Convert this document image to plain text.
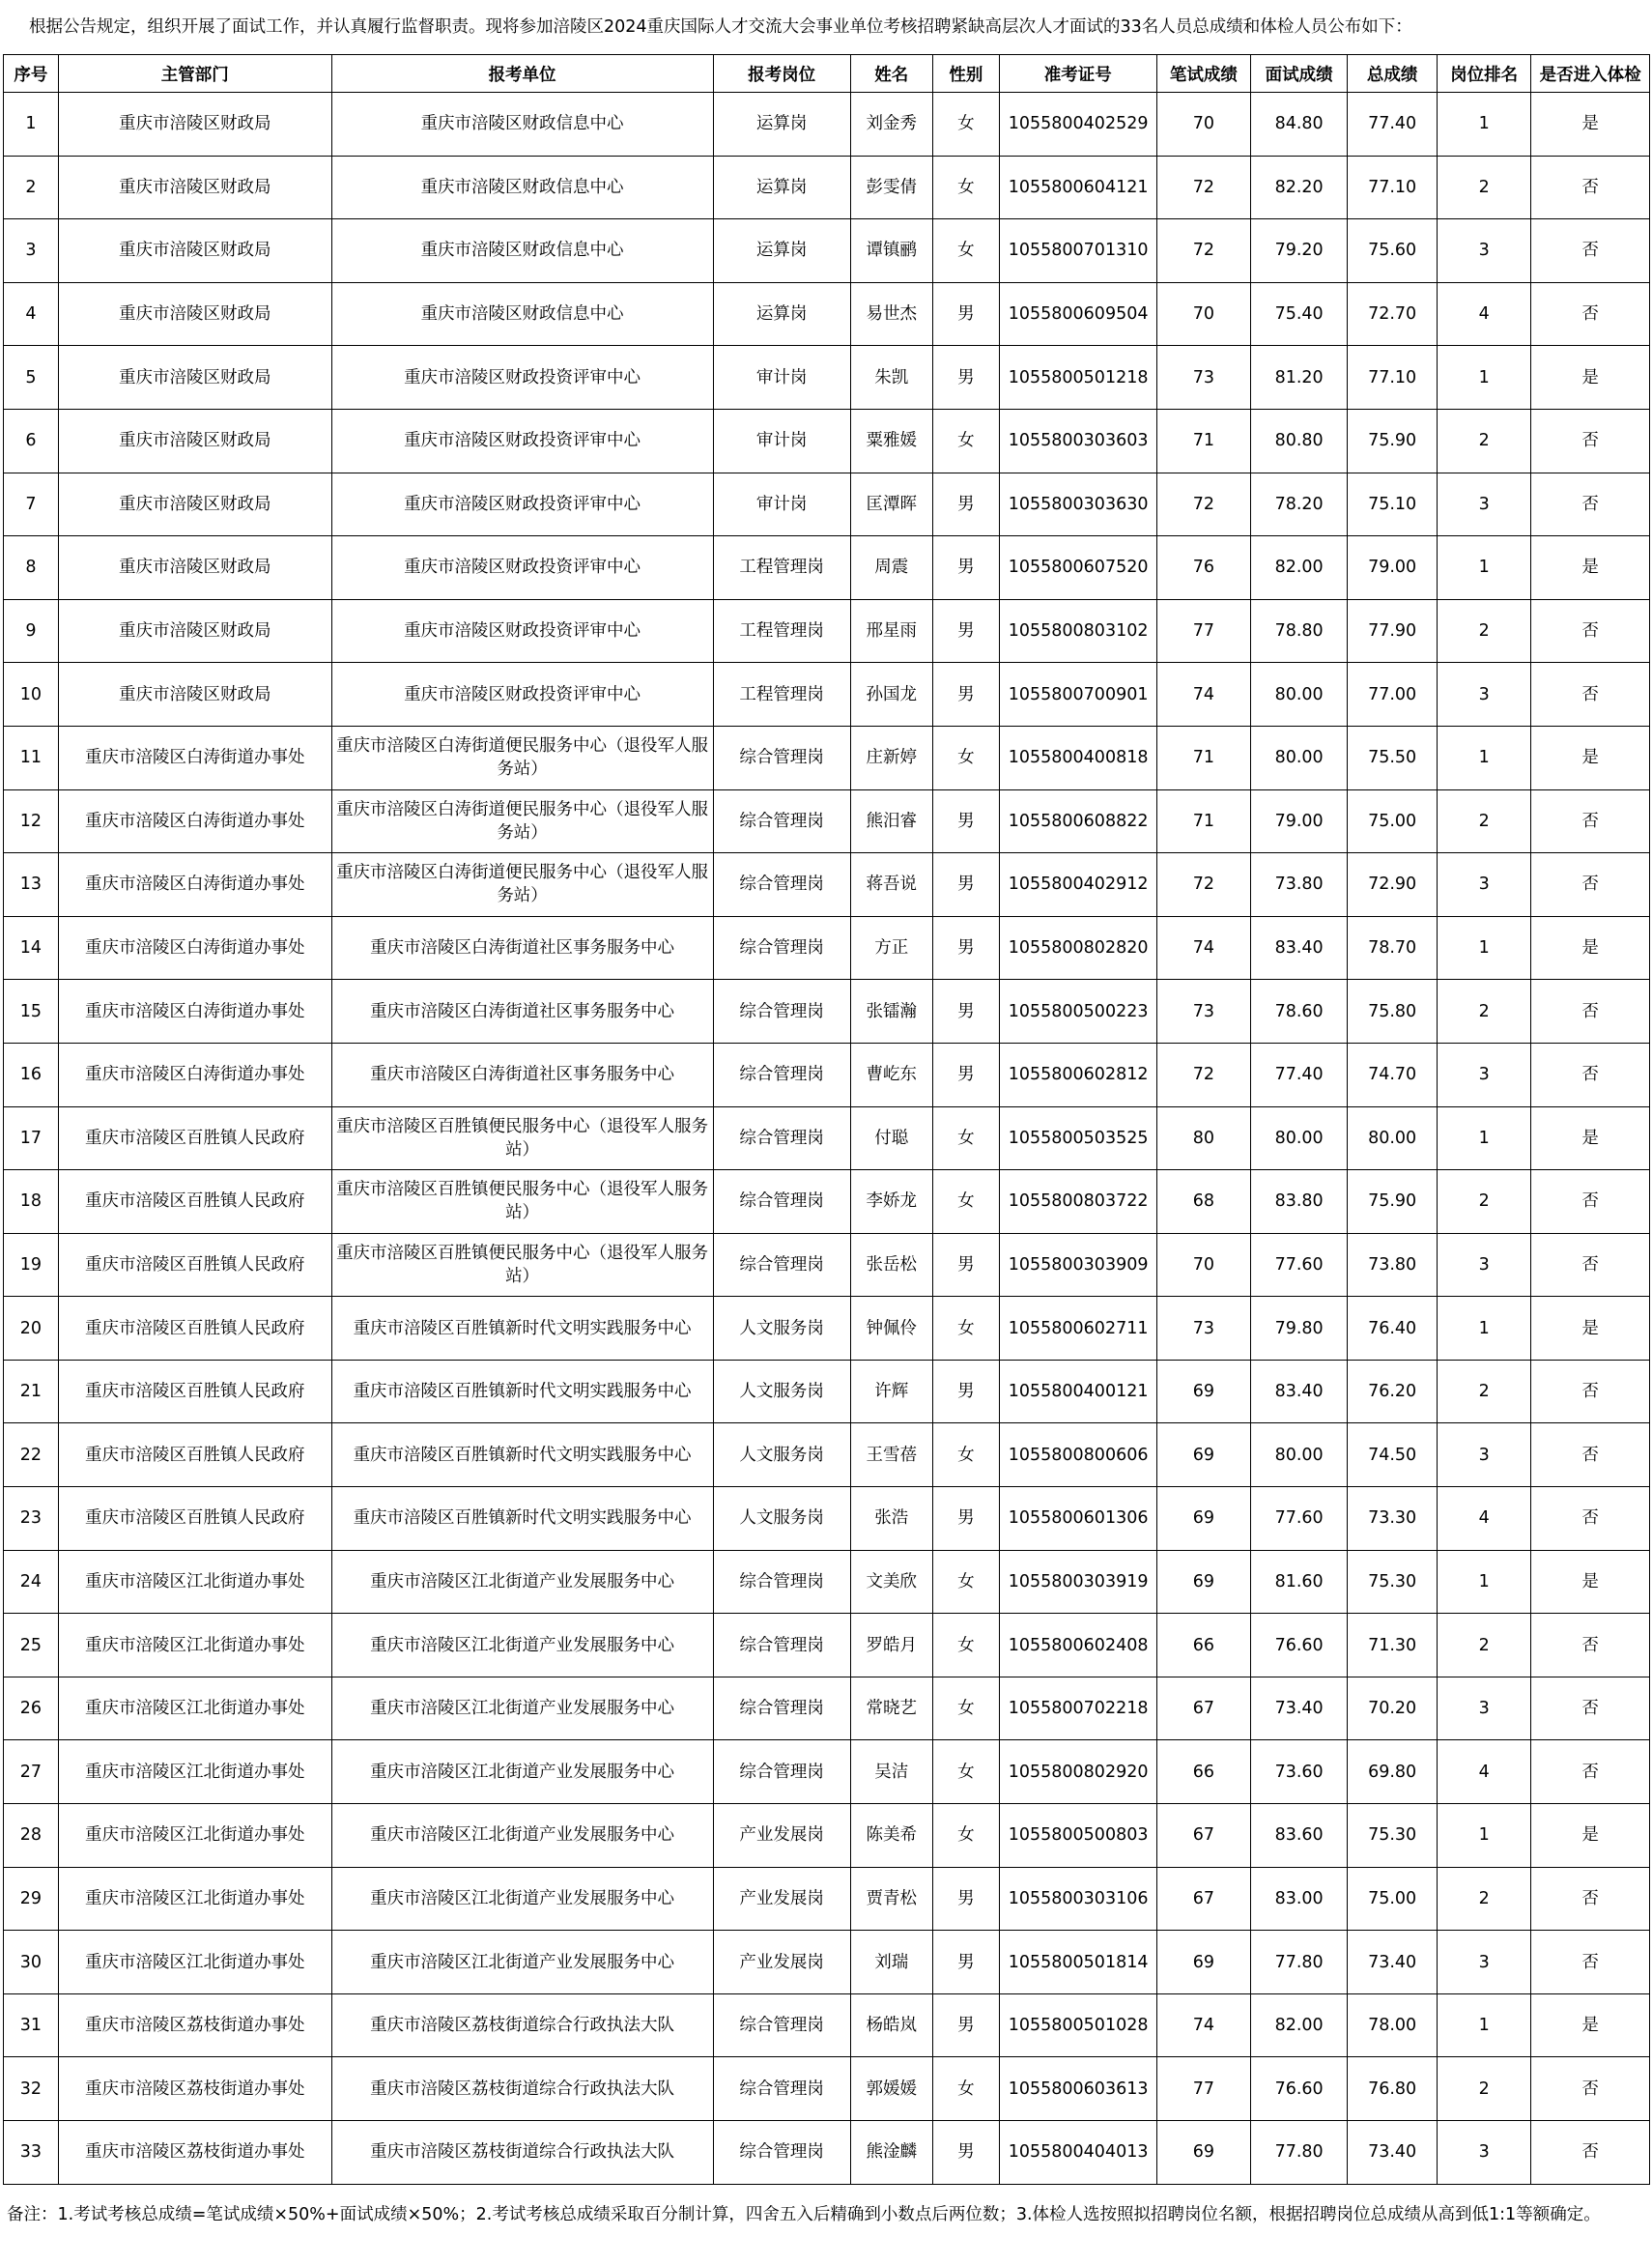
根据公告规定，组织开展了面试工作，并认真履行监督职责。现将参加涪陵区2024重庆国际人才交流大会事业单位考核招聘紧缺高层次人才面试的33名人员总成绩和体检人员公布如下：
序号	主管部门	报考单位	报考岗位	姓名	性别	准考证号	笔试成绩	面试成绩	总成绩	岗位排名	是否进入体检
1	重庆市涪陵区财政局	重庆市涪陵区财政信息中心	运算岗	刘金秀	女	1055800402529	70	84.80	77.40	1	是
2	重庆市涪陵区财政局	重庆市涪陵区财政信息中心	运算岗	彭雯倩	女	1055800604121	72	82.20	77.10	2	否
3	重庆市涪陵区财政局	重庆市涪陵区财政信息中心	运算岗	谭镇鹂	女	1055800701310	72	79.20	75.60	3	否
4	重庆市涪陵区财政局	重庆市涪陵区财政信息中心	运算岗	易世杰	男	1055800609504	70	75.40	72.70	4	否
5	重庆市涪陵区财政局	重庆市涪陵区财政投资评审中心	审计岗	朱凯	男	1055800501218	73	81.20	77.10	1	是
6	重庆市涪陵区财政局	重庆市涪陵区财政投资评审中心	审计岗	粟雅媛	女	1055800303603	71	80.80	75.90	2	否
7	重庆市涪陵区财政局	重庆市涪陵区财政投资评审中心	审计岗	匡潭晖	男	1055800303630	72	78.20	75.10	3	否
8	重庆市涪陵区财政局	重庆市涪陵区财政投资评审中心	工程管理岗	周震	男	1055800607520	76	82.00	79.00	1	是
9	重庆市涪陵区财政局	重庆市涪陵区财政投资评审中心	工程管理岗	邢星雨	男	1055800803102	77	78.80	77.90	2	否
10	重庆市涪陵区财政局	重庆市涪陵区财政投资评审中心	工程管理岗	孙国龙	男	1055800700901	74	80.00	77.00	3	否
11	重庆市涪陵区白涛街道办事处	重庆市涪陵区白涛街道便民服务中心（退役军人服务站）	综合管理岗	庄新婷	女	1055800400818	71	80.00	75.50	1	是
12	重庆市涪陵区白涛街道办事处	重庆市涪陵区白涛街道便民服务中心（退役军人服务站）	综合管理岗	熊汨睿	男	1055800608822	71	79.00	75.00	2	否
13	重庆市涪陵区白涛街道办事处	重庆市涪陵区白涛街道便民服务中心（退役军人服务站）	综合管理岗	蒋吾说	男	1055800402912	72	73.80	72.90	3	否
14	重庆市涪陵区白涛街道办事处	重庆市涪陵区白涛街道社区事务服务中心	综合管理岗	方正	男	1055800802820	74	83.40	78.70	1	是
15	重庆市涪陵区白涛街道办事处	重庆市涪陵区白涛街道社区事务服务中心	综合管理岗	张镭瀚	男	1055800500223	73	78.60	75.80	2	否
16	重庆市涪陵区白涛街道办事处	重庆市涪陵区白涛街道社区事务服务中心	综合管理岗	曹屹东	男	1055800602812	72	77.40	74.70	3	否
17	重庆市涪陵区百胜镇人民政府	重庆市涪陵区百胜镇便民服务中心（退役军人服务站）	综合管理岗	付聪	女	1055800503525	80	80.00	80.00	1	是
18	重庆市涪陵区百胜镇人民政府	重庆市涪陵区百胜镇便民服务中心（退役军人服务站）	综合管理岗	李娇龙	女	1055800803722	68	83.80	75.90	2	否
19	重庆市涪陵区百胜镇人民政府	重庆市涪陵区百胜镇便民服务中心（退役军人服务站）	综合管理岗	张岳松	男	1055800303909	70	77.60	73.80	3	否
20	重庆市涪陵区百胜镇人民政府	重庆市涪陵区百胜镇新时代文明实践服务中心	人文服务岗	钟佩伶	女	1055800602711	73	79.80	76.40	1	是
21	重庆市涪陵区百胜镇人民政府	重庆市涪陵区百胜镇新时代文明实践服务中心	人文服务岗	许辉	男	1055800400121	69	83.40	76.20	2	否
22	重庆市涪陵区百胜镇人民政府	重庆市涪陵区百胜镇新时代文明实践服务中心	人文服务岗	王雪蓓	女	1055800800606	69	80.00	74.50	3	否
23	重庆市涪陵区百胜镇人民政府	重庆市涪陵区百胜镇新时代文明实践服务中心	人文服务岗	张浩	男	1055800601306	69	77.60	73.30	4	否
24	重庆市涪陵区江北街道办事处	重庆市涪陵区江北街道产业发展服务中心	综合管理岗	文美欣	女	1055800303919	69	81.60	75.30	1	是
25	重庆市涪陵区江北街道办事处	重庆市涪陵区江北街道产业发展服务中心	综合管理岗	罗皓月	女	1055800602408	66	76.60	71.30	2	否
26	重庆市涪陵区江北街道办事处	重庆市涪陵区江北街道产业发展服务中心	综合管理岗	常晓艺	女	1055800702218	67	73.40	70.20	3	否
27	重庆市涪陵区江北街道办事处	重庆市涪陵区江北街道产业发展服务中心	综合管理岗	吴洁	女	1055800802920	66	73.60	69.80	4	否
28	重庆市涪陵区江北街道办事处	重庆市涪陵区江北街道产业发展服务中心	产业发展岗	陈美希	女	1055800500803	67	83.60	75.30	1	是
29	重庆市涪陵区江北街道办事处	重庆市涪陵区江北街道产业发展服务中心	产业发展岗	贾青松	男	1055800303106	67	83.00	75.00	2	否
30	重庆市涪陵区江北街道办事处	重庆市涪陵区江北街道产业发展服务中心	产业发展岗	刘瑞	男	1055800501814	69	77.80	73.40	3	否
31	重庆市涪陵区荔枝街道办事处	重庆市涪陵区荔枝街道综合行政执法大队	综合管理岗	杨皓岚	男	1055800501028	74	82.00	78.00	1	是
32	重庆市涪陵区荔枝街道办事处	重庆市涪陵区荔枝街道综合行政执法大队	综合管理岗	郭媛媛	女	1055800603613	77	76.60	76.80	2	否
33	重庆市涪陵区荔枝街道办事处	重庆市涪陵区荔枝街道综合行政执法大队	综合管理岗	熊淦麟	男	1055800404013	69	77.80	73.40	3	否
备注：1.考试考核总成绩=笔试成绩×50%+面试成绩×50%；2.考试考核总成绩采取百分制计算，四舍五入后精确到小数点后两位数；3.体检人选按照拟招聘岗位名额，根据招聘岗位总成绩从高到低1:1等额确定。
